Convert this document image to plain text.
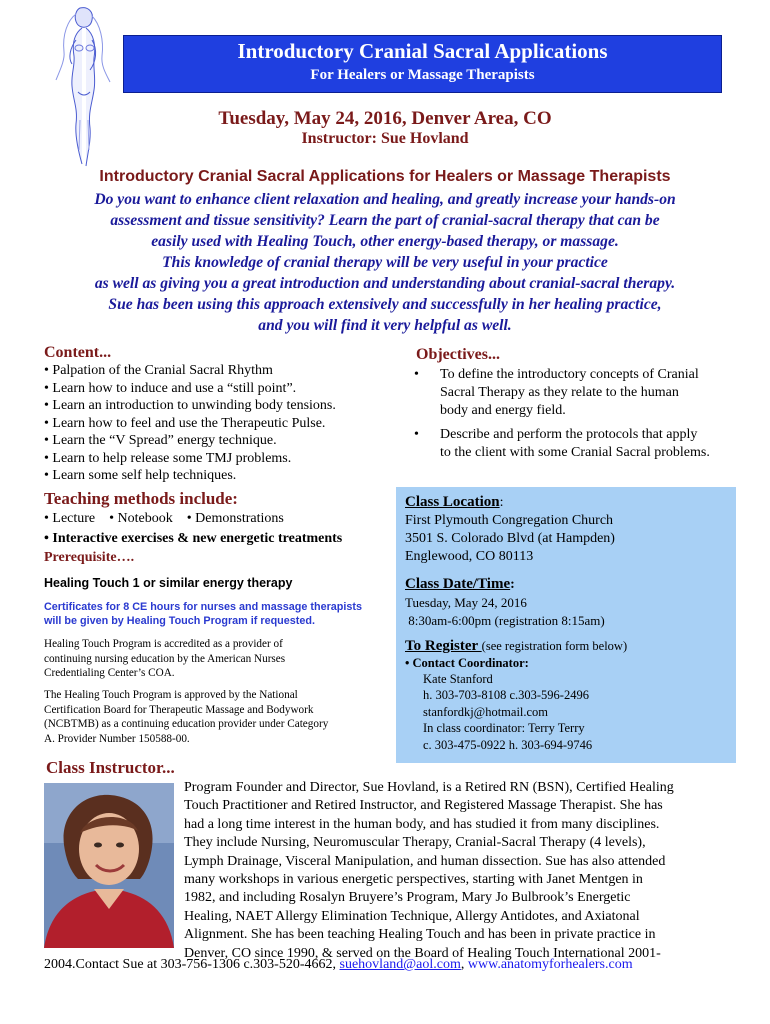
Introductory Cranial Sacral Applications
For Healers or Massage Therapists
Tuesday, May 24, 2016, Denver Area, CO
Instructor: Sue Hovland
Introductory Cranial Sacral Applications for Healers or Massage Therapists
Do you want to enhance client relaxation and healing, and greatly increase your hands-on
assessment and tissue sensitivity? Learn the part of cranial-sacral therapy that can be
easily used with Healing Touch, other energy-based therapy, or massage.
This knowledge of cranial therapy will be very useful in your practice
as well as giving you a great introduction and understanding about cranial-sacral therapy.
Sue has been using this approach extensively and successfully in her healing practice,
and you will find it very helpful as well.
Content...
• Palpation of the Cranial Sacral Rhythm
• Learn how to induce and use a “still point”.
• Learn an introduction to unwinding body tensions.
• Learn how to feel and use the Therapeutic Pulse.
• Learn the “V Spread” energy technique.
• Learn to help release some TMJ problems.
• Learn some self help techniques.
Objectives...
• To define the introductory concepts of Cranial Sacral Therapy as they relate to the human body and energy field.
• Describe and perform the protocols that apply to the client with some Cranial Sacral problems.
Teaching methods include:
• Lecture    • Notebook    • Demonstrations
• Interactive exercises & new energetic treatments
Prerequisite….
Healing Touch 1 or similar energy therapy
Certificates for 8 CE hours for nurses and massage therapists
will be given by Healing Touch Program if requested.
Healing Touch Program is accredited as a provider of
continuing nursing education by the American Nurses
Credentialing Center’s COA.
The Healing Touch Program is approved by the National
Certification Board for Therapeutic Massage and Bodywork
(NCBTMB) as a continuing education provider under Category
A. Provider Number 150588-00.
Class Location:
First Plymouth Congregation Church
3501 S. Colorado Blvd (at Hampden)
Englewood, CO 80113
Class Date/Time:
Tuesday, May 24, 2016
8:30am-6:00pm (registration 8:15am)
To Register (see registration form below)
• Contact Coordinator:
Kate Stanford
h. 303-703-8108 c.303-596-2496
stanfordkj@hotmail.com
In class coordinator: Terry Terry
c. 303-475-0922 h. 303-694-9746
Class Instructor...
Program Founder and Director, Sue Hovland, is a Retired RN (BSN), Certified Healing
Touch Practitioner and Retired Instructor, and Registered Massage Therapist. She has
had a long time interest in the human body, and has studied it from many disciplines.
They include Nursing, Neuromuscular Therapy, Cranial-Sacral Therapy (4 levels),
Lymph Drainage, Visceral Manipulation, and human dissection. Sue has also attended
many workshops in various energetic perspectives, starting with Janet Mentgen in
1982, and including Rosalyn Bruyere’s Program, Mary Jo Bulbrook’s Energetic
Healing, NAET Allergy Elimination Technique, Allergy Antidotes, and Axiatonal
Alignment. She has been teaching Healing Touch and has been in private practice in
Denver, CO since 1990, & served on the Board of Healing Touch International 2001-
2004.Contact Sue at 303-756-1306 c.303-520-4662, suehovland@aol.com, www.anatomyforhealers.com
